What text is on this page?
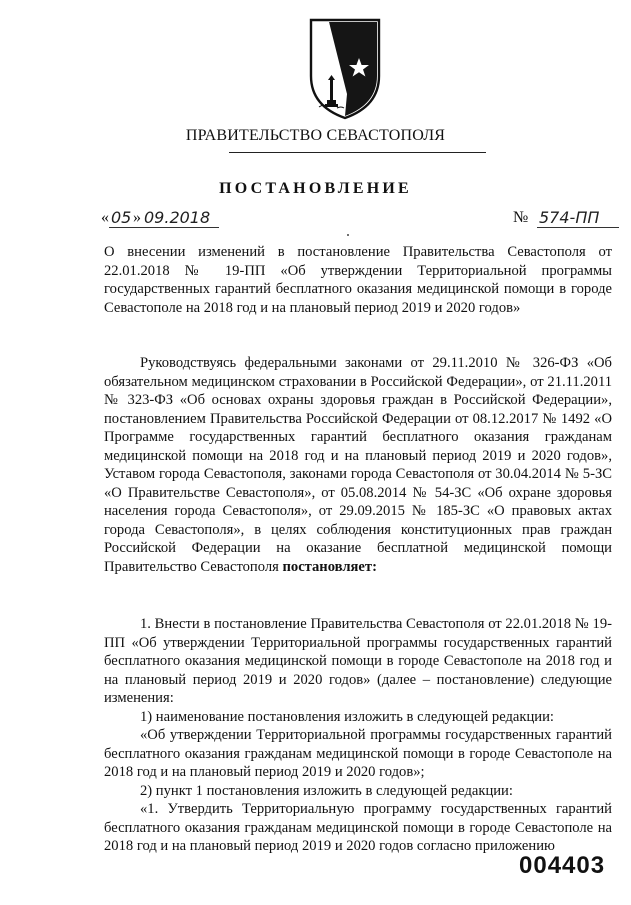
ПРАВИТЕЛЬСТВО СЕВАСТОПОЛЯ
ПОСТАНОВЛЕНИЕ
« 05 » 09.2018	№ 574-ПП

О внесении изменений в постановление Правительства Севастополя от 22.01.2018 № 19-ПП «Об утверждении Территориальной программы государственных гарантий бесплатного оказания медицинской помощи в городе Севастополе на 2018 год и на плановый период 2019 и 2020 годов»

Руководствуясь федеральными законами от 29.11.2010 № 326-ФЗ «Об обязательном медицинском страховании в Российской Федерации», от 21.11.2011 № 323-ФЗ «Об основах охраны здоровья граждан в Российской Федерации», постановлением Правительства Российской Федерации от 08.12.2017 № 1492 «О Программе государственных гарантий бесплатного оказания гражданам медицинской помощи на 2018 год и на плановый период 2019 и 2020 годов», Уставом города Севастополя, законами города Севастополя от 30.04.2014 № 5-ЗС «О Правительстве Севастополя», от 05.08.2014 № 54-ЗС «Об охране здоровья населения города Севастополя», от 29.09.2015 № 185-ЗС «О правовых актах города Севастополя», в целях соблюдения конституционных прав граждан Российской Федерации на оказание бесплатной медицинской помощи Правительство Севастополя постановляет:

1. Внести в постановление Правительства Севастополя от 22.01.2018 № 19-ПП «Об утверждении Территориальной программы государственных гарантий бесплатного оказания медицинской помощи в городе Севастополе на 2018 год и на плановый период 2019 и 2020 годов» (далее – постановление) следующие изменения:

1) наименование постановления изложить в следующей редакции:

«Об утверждении Территориальной программы государственных гарантий бесплатного оказания гражданам медицинской помощи в городе Севастополе на 2018 год и на плановый период 2019 и 2020 годов»;

2) пункт 1 постановления изложить в следующей редакции:

«1. Утвердить Территориальную программу государственных гарантий бесплатного оказания гражданам медицинской помощи в городе Севастополе на 2018 год и на плановый период 2019 и 2020 годов согласно приложению

004403
